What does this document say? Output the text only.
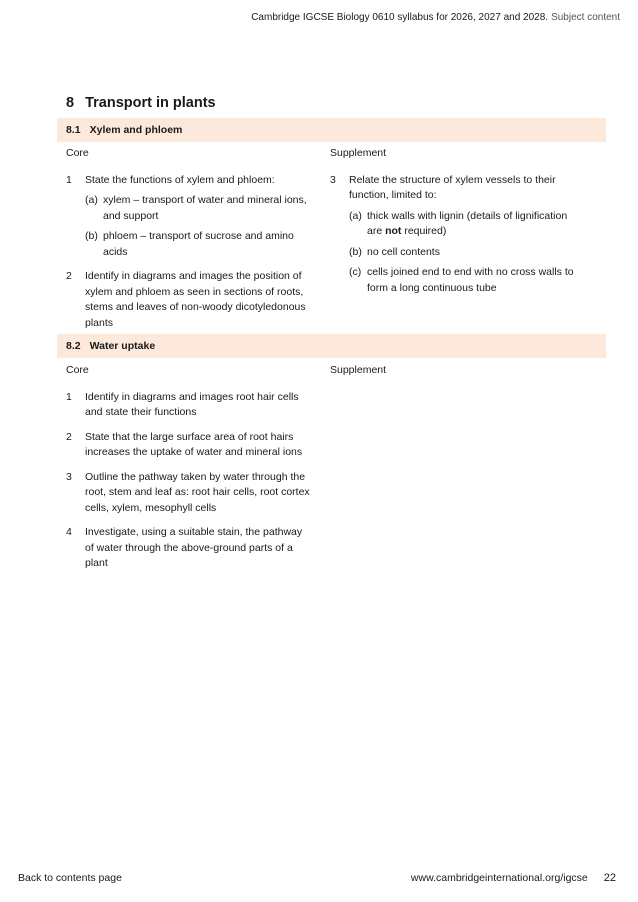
Cambridge IGCSE Biology 0610 syllabus for 2026, 2027 and 2028. Subject content
8 Transport in plants
8.1 Xylem and phloem
Core
1 State the functions of xylem and phloem:
(a) xylem – transport of water and mineral ions, and support
(b) phloem – transport of sucrose and amino acids
2 Identify in diagrams and images the position of xylem and phloem as seen in sections of roots, stems and leaves of non-woody dicotyledonous plants
Supplement
3 Relate the structure of xylem vessels to their function, limited to:
(a) thick walls with lignin (details of lignification are not required)
(b) no cell contents
(c) cells joined end to end with no cross walls to form a long continuous tube
8.2 Water uptake
Core
1 Identify in diagrams and images root hair cells and state their functions
2 State that the large surface area of root hairs increases the uptake of water and mineral ions
3 Outline the pathway taken by water through the root, stem and leaf as: root hair cells, root cortex cells, xylem, mesophyll cells
4 Investigate, using a suitable stain, the pathway of water through the above-ground parts of a plant
Supplement
Back to contents page	www.cambridgeinternational.org/igcse 22
